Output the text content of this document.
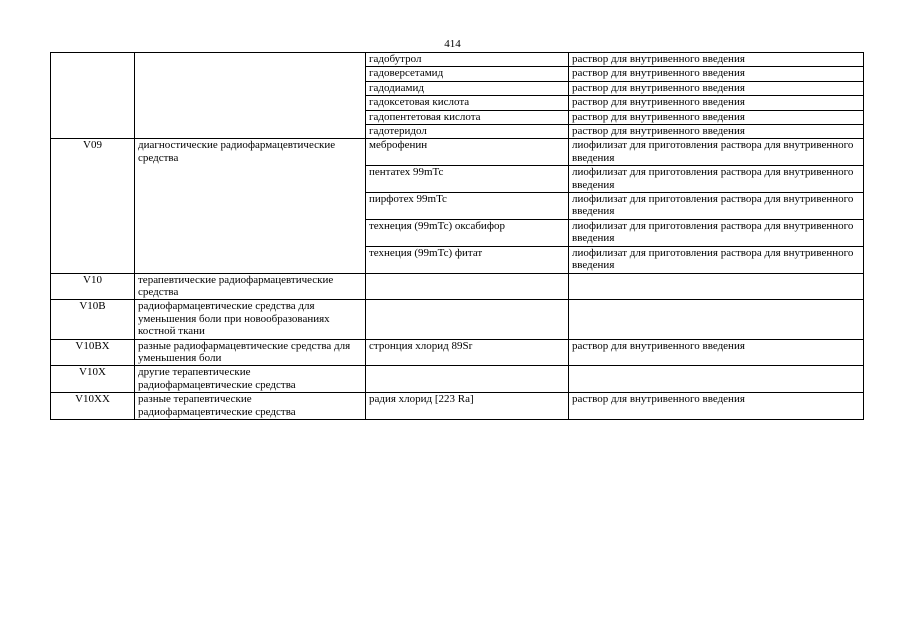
414

		гадобутрол	раствор для внутривенного введения

		гадоверсетамид	раствор для внутривенного введения

		гадодиамид	раствор для внутривенного введения

		гадоксетовая кислота	раствор для внутривенного введения

		гадопентетовая кислота	раствор для внутривенного введения

		гадотеридол	раствор для внутривенного введения

V09	диагностические радиофармацевтические средства	меброфенин	лиофилизат для приготовления раствора для внутривенного введения

		пентатех 99mTc	лиофилизат для приготовления раствора для внутривенного введения

		пирфотех 99mTc	лиофилизат для приготовления раствора для внутривенного введения

		технеция (99mTc) оксабифор	лиофилизат для приготовления раствора для внутривенного введения

		технеция (99mTc) фитат	лиофилизат для приготовления раствора для внутривенного введения

V10	терапевтические радиофармацевтические средства		

V10B	радиофармацевтические средства для уменьшения боли при новообразованиях костной ткани		

V10BX	разные радиофармацевтические средства для уменьшения боли	стронция хлорид 89Sr	раствор для внутривенного введения

V10X	другие терапевтические радиофармацевтические средства		

V10XX	разные терапевтические радиофармацевтические средства	радия хлорид [223 Ra]	раствор для внутривенного введения
